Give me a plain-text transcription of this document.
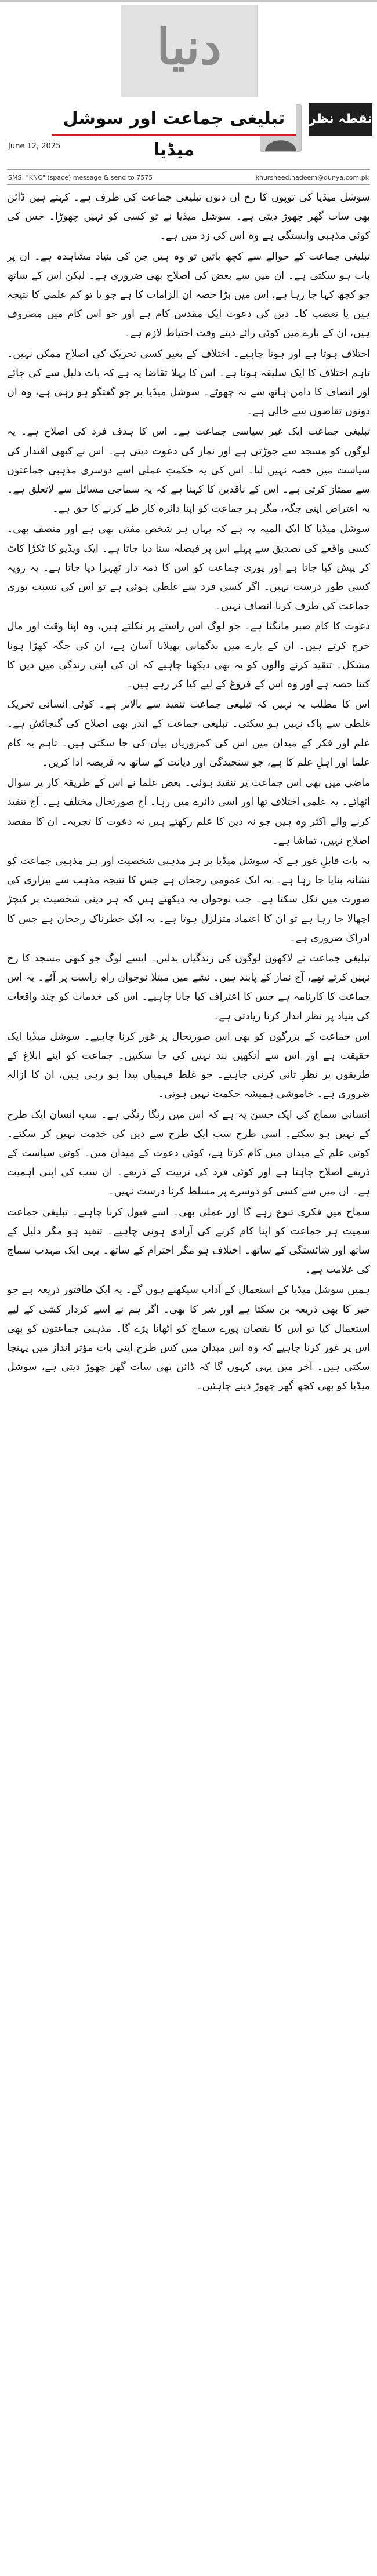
دنیا
نقطہ نظر
تبلیغی جماعت اور سوشل میڈیا
June 12, 2025
SMS: "KNC" (space) message & send to 7575	khursheed.nadeem@dunya.com.pk

سوشل میڈیا کی توپوں کا رخ ان دنوں تبلیغی جماعت کی طرف ہے۔ کہتے ہیں ڈائن بھی سات گھر چھوڑ دیتی ہے۔ سوشل میڈیا نے تو کسی کو نہیں چھوڑا۔ جس کی کوئی مذہبی وابستگی ہے وہ اس کی زد میں ہے۔

تبلیغی جماعت کے حوالے سے کچھ باتیں تو وہ ہیں جن کی بنیاد مشاہدہ ہے۔ ان پر بات ہو سکتی ہے۔ ان میں سے بعض کی اصلاح بھی ضروری ہے۔ لیکن اس کے ساتھ جو کچھ کہا جا رہا ہے، اس میں بڑا حصہ ان الزامات کا ہے جو یا تو کم علمی کا نتیجہ ہیں یا تعصب کا۔ دین کی دعوت ایک مقدس کام ہے اور جو اس کام میں مصروف ہیں، ان کے بارے میں کوئی رائے دیتے وقت احتیاط لازم ہے۔

اختلاف ہوتا ہے اور ہونا چاہیے۔ اختلاف کے بغیر کسی تحریک کی اصلاح ممکن نہیں۔ تاہم اختلاف کا ایک سلیقہ ہوتا ہے۔ اس کا پہلا تقاضا یہ ہے کہ بات دلیل سے کی جائے اور انصاف کا دامن ہاتھ سے نہ چھوٹے۔ سوشل میڈیا پر جو گفتگو ہو رہی ہے، وہ ان دونوں تقاضوں سے خالی ہے۔

تبلیغی جماعت ایک غیر سیاسی جماعت ہے۔ اس کا ہدف فرد کی اصلاح ہے۔ یہ لوگوں کو مسجد سے جوڑتی ہے اور نماز کی دعوت دیتی ہے۔ اس نے کبھی اقتدار کی سیاست میں حصہ نہیں لیا۔ اس کی یہ حکمتِ عملی اسے دوسری مذہبی جماعتوں سے ممتاز کرتی ہے۔ اس کے ناقدین کا کہنا ہے کہ یہ سماجی مسائل سے لاتعلق ہے۔ یہ اعتراض اپنی جگہ، مگر ہر جماعت کو اپنا دائرہ کار طے کرنے کا حق ہے۔

سوشل میڈیا کا ایک المیہ یہ ہے کہ یہاں ہر شخص مفتی بھی ہے اور منصف بھی۔ کسی واقعے کی تصدیق سے پہلے اس پر فیصلہ سنا دیا جاتا ہے۔ ایک ویڈیو کا ٹکڑا کاٹ کر پیش کیا جاتا ہے اور پوری جماعت کو اس کا ذمہ دار ٹھہرا دیا جاتا ہے۔ یہ رویہ کسی طور درست نہیں۔ اگر کسی فرد سے غلطی ہوئی ہے تو اس کی نسبت پوری جماعت کی طرف کرنا انصاف نہیں۔

دعوت کا کام صبر مانگتا ہے۔ جو لوگ اس راستے پر نکلتے ہیں، وہ اپنا وقت اور مال خرچ کرتے ہیں۔ ان کے بارے میں بدگمانی پھیلانا آسان ہے، ان کی جگہ کھڑا ہونا مشکل۔ تنقید کرنے والوں کو یہ بھی دیکھنا چاہیے کہ ان کی اپنی زندگی میں دین کا کتنا حصہ ہے اور وہ اس کے فروغ کے لیے کیا کر رہے ہیں۔

اس کا مطلب یہ نہیں کہ تبلیغی جماعت تنقید سے بالاتر ہے۔ کوئی انسانی تحریک غلطی سے پاک نہیں ہو سکتی۔ تبلیغی جماعت کے اندر بھی اصلاح کی گنجائش ہے۔ علم اور فکر کے میدان میں اس کی کمزوریاں بیان کی جا سکتی ہیں۔ تاہم یہ کام علما اور اہلِ علم کا ہے، جو سنجیدگی اور دیانت کے ساتھ یہ فریضہ ادا کریں۔

ماضی میں بھی اس جماعت پر تنقید ہوئی۔ بعض علما نے اس کے طریقہ کار پر سوال اٹھائے۔ یہ علمی اختلاف تھا اور اسی دائرے میں رہا۔ آج صورتحال مختلف ہے۔ آج تنقید کرنے والے اکثر وہ ہیں جو نہ دین کا علم رکھتے ہیں نہ دعوت کا تجربہ۔ ان کا مقصد اصلاح نہیں، تماشا ہے۔

یہ بات قابلِ غور ہے کہ سوشل میڈیا پر ہر مذہبی شخصیت اور ہر مذہبی جماعت کو نشانہ بنایا جا رہا ہے۔ یہ ایک عمومی رجحان ہے جس کا نتیجہ مذہب سے بیزاری کی صورت میں نکل سکتا ہے۔ جب نوجوان یہ دیکھتے ہیں کہ ہر دینی شخصیت پر کیچڑ اچھالا جا رہا ہے تو ان کا اعتماد متزلزل ہوتا ہے۔ یہ ایک خطرناک رجحان ہے جس کا ادراک ضروری ہے۔

تبلیغی جماعت نے لاکھوں لوگوں کی زندگیاں بدلیں۔ ایسے لوگ جو کبھی مسجد کا رخ نہیں کرتے تھے، آج نماز کے پابند ہیں۔ نشے میں مبتلا نوجوان راہِ راست پر آئے۔ یہ اس جماعت کا کارنامہ ہے جس کا اعتراف کیا جانا چاہیے۔ اس کی خدمات کو چند واقعات کی بنیاد پر نظر انداز کرنا زیادتی ہے۔

اس جماعت کے بزرگوں کو بھی اس صورتحال پر غور کرنا چاہیے۔ سوشل میڈیا ایک حقیقت ہے اور اس سے آنکھیں بند نہیں کی جا سکتیں۔ جماعت کو اپنے ابلاغ کے طریقوں پر نظرِ ثانی کرنی چاہیے۔ جو غلط فہمیاں پیدا ہو رہی ہیں، ان کا ازالہ ضروری ہے۔ خاموشی ہمیشہ حکمت نہیں ہوتی۔

انسانی سماج کی ایک حسن یہ ہے کہ اس میں رنگا رنگی ہے۔ سب انسان ایک طرح کے نہیں ہو سکتے۔ اسی طرح سب ایک طرح سے دین کی خدمت نہیں کر سکتے۔ کوئی علم کے میدان میں کام کرتا ہے، کوئی دعوت کے میدان میں۔ کوئی سیاست کے ذریعے اصلاح چاہتا ہے اور کوئی فرد کی تربیت کے ذریعے۔ ان سب کی اپنی اہمیت ہے۔ ان میں سے کسی کو دوسرے پر مسلط کرنا درست نہیں۔

سماج میں فکری تنوع رہے گا اور عملی بھی۔ اسے قبول کرنا چاہیے۔ تبلیغی جماعت سمیت ہر جماعت کو اپنا کام کرنے کی آزادی ہونی چاہیے۔ تنقید ہو مگر دلیل کے ساتھ اور شائستگی کے ساتھ۔ اختلاف ہو مگر احترام کے ساتھ۔ یہی ایک مہذب سماج کی علامت ہے۔

ہمیں سوشل میڈیا کے استعمال کے آداب سیکھنے ہوں گے۔ یہ ایک طاقتور ذریعہ ہے جو خیر کا بھی ذریعہ بن سکتا ہے اور شر کا بھی۔ اگر ہم نے اسے کردار کشی کے لیے استعمال کیا تو اس کا نقصان پورے سماج کو اٹھانا پڑے گا۔ مذہبی جماعتوں کو بھی اس پر غور کرنا چاہیے کہ وہ اس میدان میں کس طرح اپنی بات مؤثر انداز میں پہنچا سکتی ہیں۔ آخر میں یہی کہوں گا کہ ڈائن بھی سات گھر چھوڑ دیتی ہے، سوشل میڈیا کو بھی کچھ گھر چھوڑ دینے چاہئیں۔
